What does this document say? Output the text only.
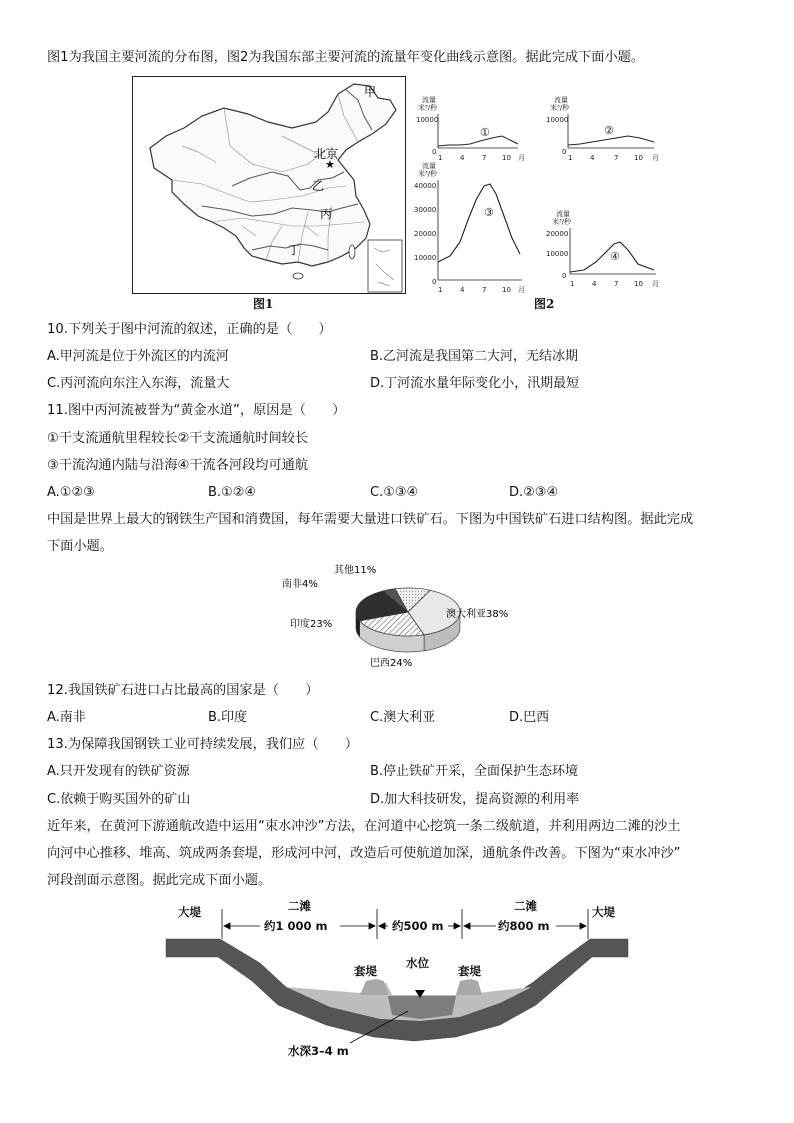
图1为我国主要河流的分布图，图2为我国东部主要河流的流量年变化曲线示意图。据此完成下面小题。
★
甲
北京
乙
丙
丁
图1
流量
米³/秒
10000
0
①
1	4	7 10 月
流量
米³/秒
10000
0
②
1	4	7 10 月
流量
米³/秒
40000
30000
20000
10000
0
③
1	4	7 10 月
流量
米³/秒
20000
10000
0
④
1	4	7 10 月
图2
10.下列关于图中河流的叙述，正确的是（　　）
A.甲河流是位于外流区的内流河	B.乙河流是我国第二大河，无结冰期
C.丙河流向东注入东海，流量大	D.丁河流水量年际变化小，汛期最短
11.图中丙河流被誉为“黄金水道”，原因是（　　）
①干支流通航里程较长②干支流通航时间较长
③干流沟通内陆与沿海④干流各河段均可通航
A.①②③	B.①②④	C.①③④	D.②③④
中国是世界上最大的钢铁生产国和消费国，每年需要大量进口铁矿石。下图为中国铁矿石进口结构图。据此完成
下面小题。
澳大利亚38%
巴西24%
印度23%
南非4%
其他11%
12.我国铁矿石进口占比最高的国家是（　　）
A.南非	B.印度	C.澳大利亚	D.巴西
13.为保障我国钢铁工业可持续发展，我们应（　　）
A.只开发现有的铁矿资源	B.停止铁矿开采，全面保护生态环境
C.依赖于购买国外的矿山	D.加大科技研发，提高资源的利用率
近年来，在黄河下游通航改造中运用“束水冲沙”方法，在河道中心挖筑一条二级航道，并利用两边二滩的沙土
向河中心推移、堆高、筑成两条套堤，形成河中河，改造后可使航道加深，通航条件改善。下图为“束水冲沙”
河段剖面示意图。据此完成下面小题。
大堤	大堤
二滩	二滩
约1 000 m	约500 m	约800 m
水位
套堤	套堤
水深3–4 m
